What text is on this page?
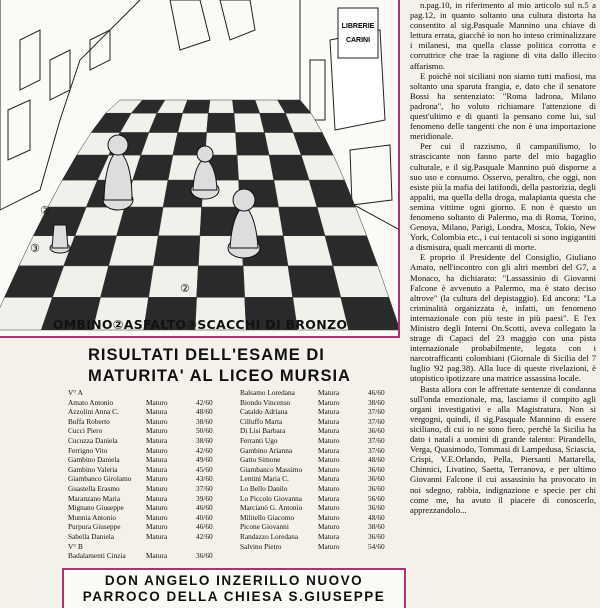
LIBRERIE
CARINI
③
②
②
OMBINO②ASFALTO③SCACCHI DI BRONZO
RISULTATI DELL'ESAME DI
MATURITA' AL LICEO MURSIA
V° A
Amato Antonio	Maturo	42/60
Azzolini Anna C.	Matura	48/60
Buffa Roberto	Maturo	38/60
Cucci Piero	Maturo	50/60
Cucuzza Daniela	Matura	38/60
Ferrigno Vito	Maturo	42/60
Gambino Daniela	Matura	49/60
Gambino Valeria	Matura	45/60
Giambanco Girolamo	Maturo	43/60
Guastella Erasmo	Maturo	37/60
Maranzano Maria	Matura	39/60
Mignano Giuseppe	Maturo	46/60
Munnia Antonio	Maturo	40/60
Purpura Giuseppe	Maturo	46/60
Sabella Daniela	Matura	42/60
V° B
Badalamenti Cinzia	Matura	36/60
Balsamo Loredana	Matura	46/60
Biondo Vincenso	Maturo	38/60
Cataldo Adriana	Matura	37/60
Cilluffo Marta	Matura	37/60
Di Lisi Barbara	Matura	36/60
Ferranti Ugo	Maturo	37/60
Gambino Arianna	Matura	37/60
Gatto Simone	Maturo	48/60
Giambanco Massimo	Maturo	36/60
Lentini Maria C.	Matura	36/60
Lo Bello Danilo	Maturo	36/60
Lo Piccolo Giovanna	Matura	56/60
Marcianò G. Antonio	Maturo	36/60
Militello Giacomo	Maturo	48/60
Picone Giovanni	Maturo	38/60
Randazzo Loredana	Matura	36/60
Salvino Pietro	Maturo	54/60
DON ANGELO INZERILLO NUOVO
PARROCO DELLA CHIESA S.GIUSEPPE

n.pag.10, in riferimento al mio articolo sul n.5 a pag.12, in quanto soltanto una cultura distorta ha consentito al sig.Pasquale Mannino una chiave di lettura errata, giacchè io non ho inteso criminalizzare i milanesi, ma quella classe politica corrotta e corruttrice che trae la ragione di vita dallo illecito affarismo.

E poichè noi siciliani non siamo tutti mafiosi, ma soltanto una sparuta frangia, e, dato che il senatore Bossi ha sentenziato: "Roma ladrona, Milano padrona", ho voluto richiamare l'attenzione di quest'ultimo e di quanti la pensano come lui, sul fenomeno delle tangenti che non è una importazione meridionale.

Per cui il razzismo, il campanilismo, lo strascicante non fanno parte del mio bagaglio culturale, e il sig.Pasquale Mannino può disporne a suo uso e consumo. Osservo, peraltro, che oggi, non esiste più la mafia dei latifondi, della pastorizia, degli appalti, ma quella della droga, malapianta questa che semina vittime ogni giorno. E non è questo un fenomeno soltanto di Palermo, ma di Roma, Torino, Genova, Milano, Parigi, Londra, Mosca, Tokio, New York, Colombia etc., i cui tentacoli si sono ingigantiti a dismisura, quali mercanti di morte.

E proprio il Presidente del Consiglio, Giuliano Amato, nell'incontro con gli altri membri del G7, a Monaco, ha dichiarato: "Lassassinio di Giovanni Falcone è avvenuto a Palermo, ma è stato deciso altrove" (la cultura del depistaggio). Ed ancora: "La criminalità organizzata è, infatti, un fenomeno internazionale con più teste in più paesi". E l'ex Ministro degli Interni On.Scotti, aveva collegato la strage di Capaci del 23 maggio con una pista internazionale probabilmente, legata con i narcotrafficanti colombiani (Giornale di Sicilia del 7 luglio '92 pag.38). Alla luce di queste rivelazioni, è utopistico ipotizzare una matrice assassina locale.

Basta allora con le affrettate sentenze di condanna sull'onda emozionale, ma, lasciamo il compito agli organi investigativi e alla Magistratura. Non si vergogni, quindi, il sig.Pasquale Mannino di essere siciliano, di cui io ne sono fiero, perchè la Sicilia ha dato i natali a uomini di grande talento: Pirandello, Verga, Quasimodo, Tommasi di Lampedusa, Sciascia, Crispi, V.E.Orlando, Pella, Piersanti Mattarella, Chinnici, Livatino, Saetta, Terranova, e per ultimo Giovanni Falcone il cui assassinio ha provocato in noi sdegno, rabbia, indignazione e specie per chi come me, ha avuto il piacere di conoscerlo, apprezzandolo...
